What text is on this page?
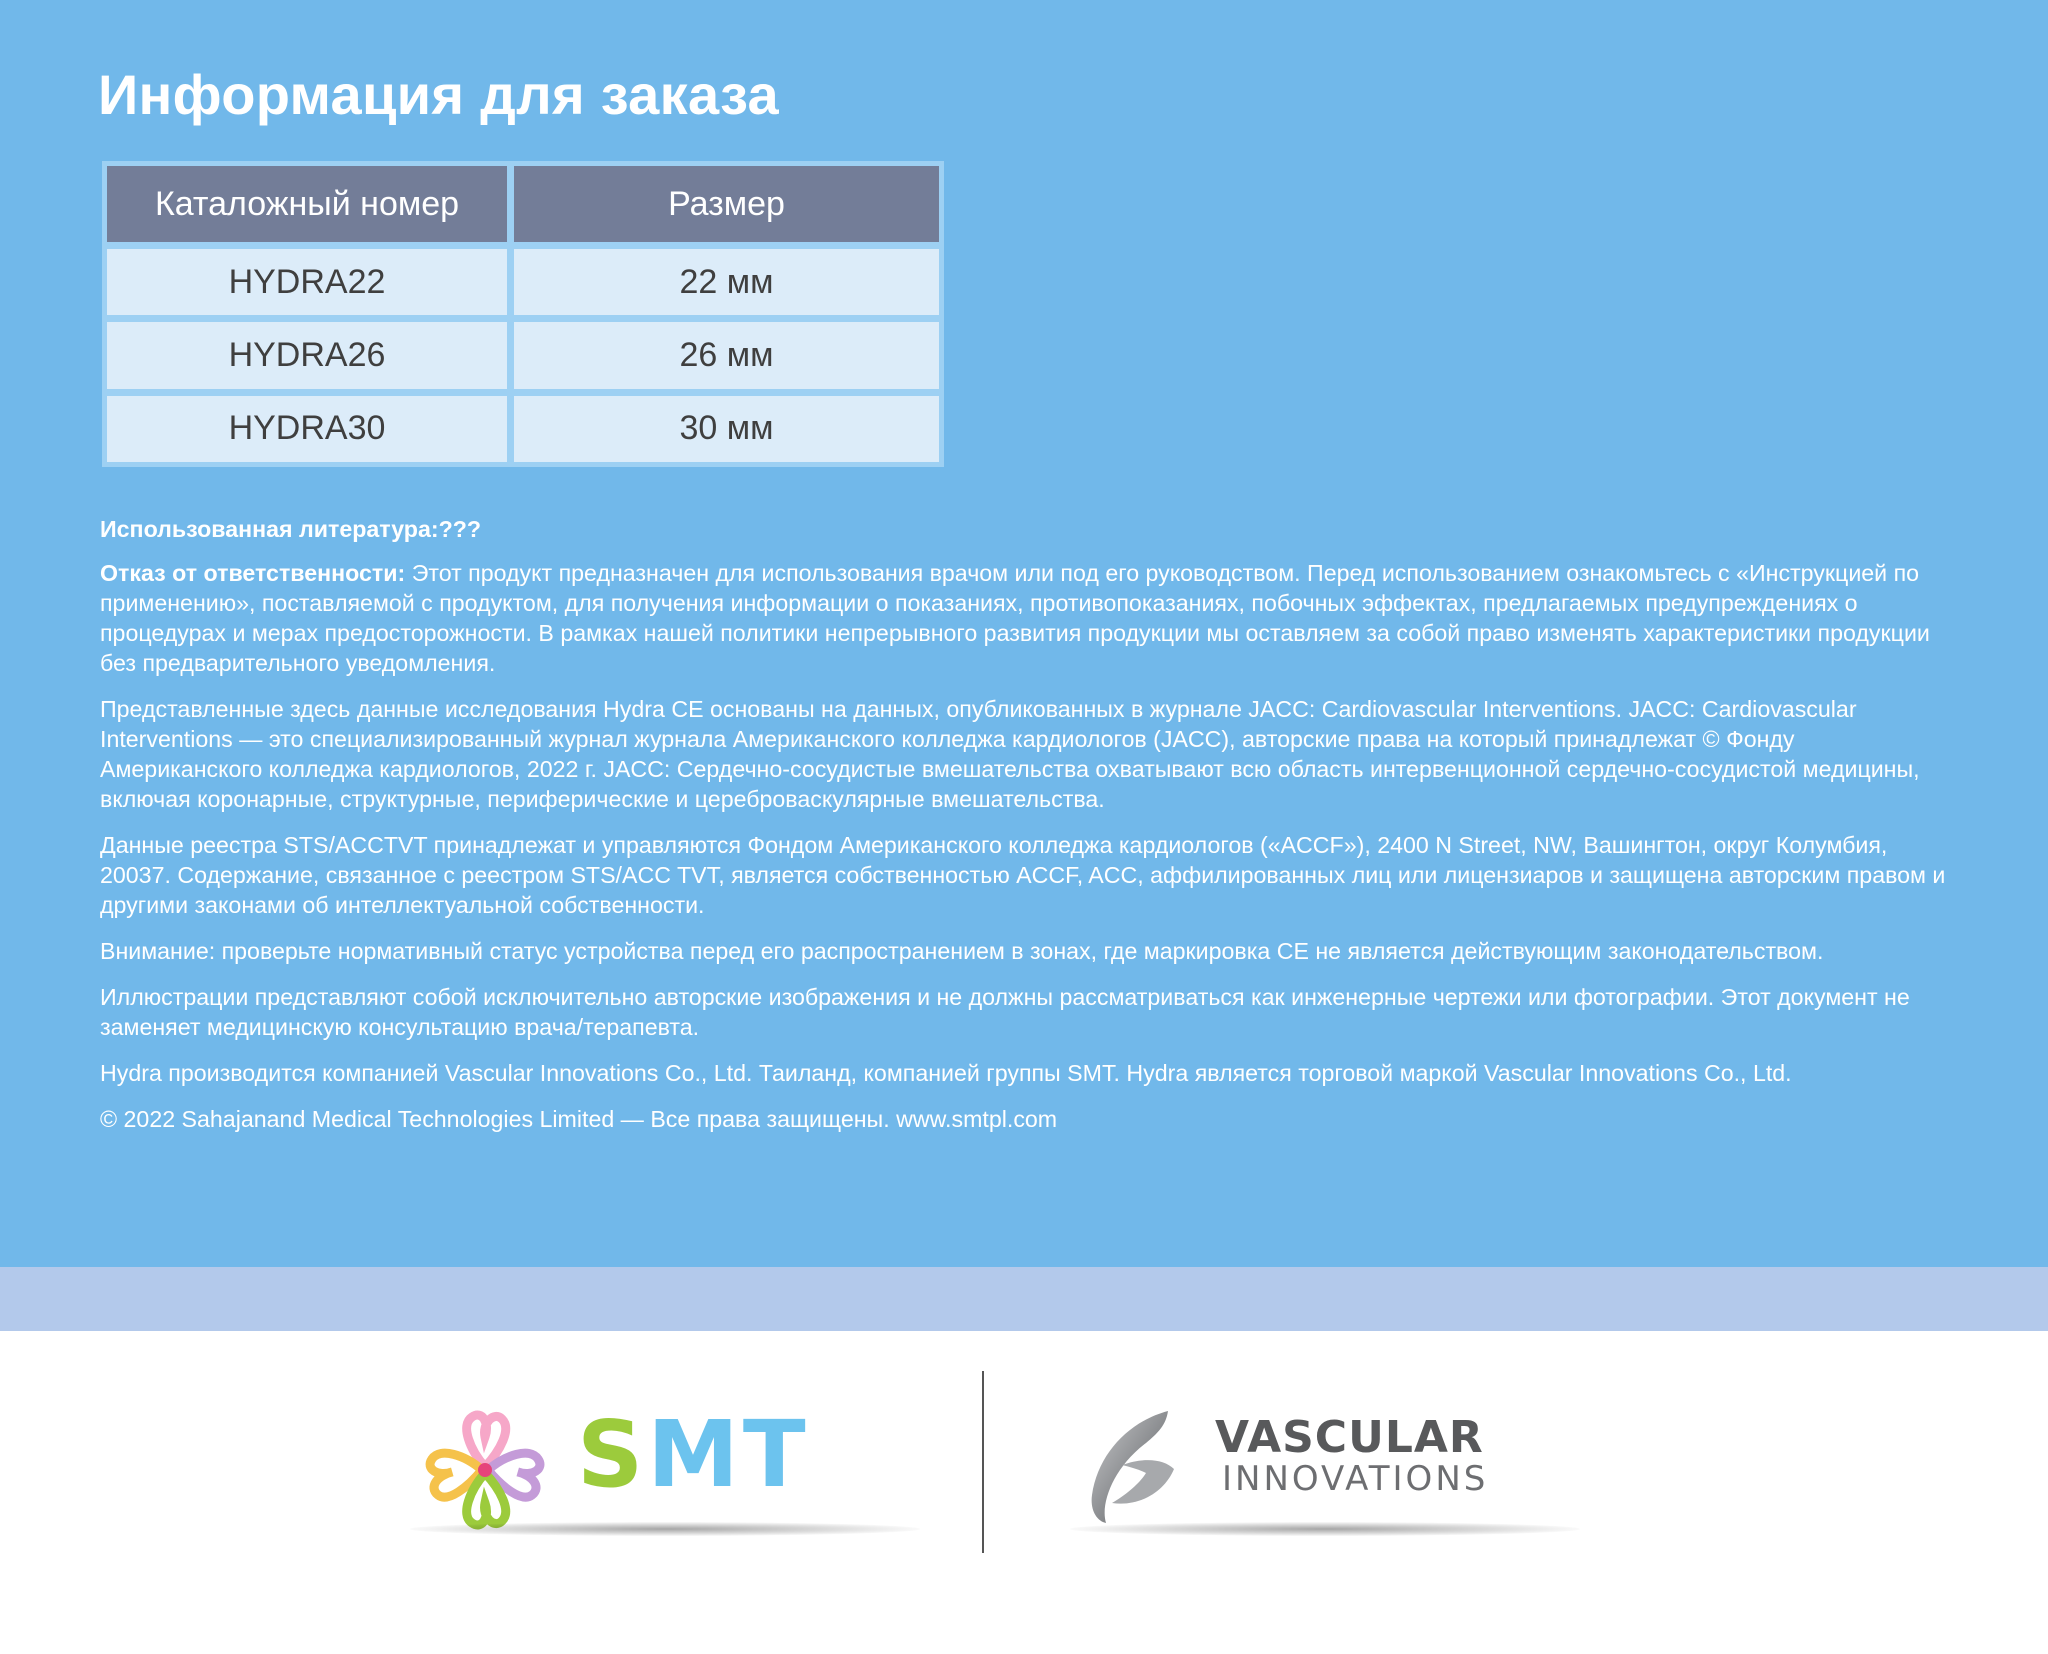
Информация для заказа
Каталожный номер	Размер
HYDRA22	22 мм
HYDRA26	26 мм
HYDRA30	30 мм

Использованная литература:???

Отказ от ответственности: Этот продукт предназначен для использования врачом или под его руководством. Перед использованием ознакомьтесь с «Инструкцией по применению», поставляемой с продуктом, для получения информации о показаниях, противопоказаниях, побочных эффектах, предлагаемых предупреждениях о процедурах и мерах предосторожности. В рамках нашей политики непрерывного развития продукции мы оставляем за собой право изменять характеристики продукции без предварительного уведомления.

Представленные здесь данные исследования Hydra CE основаны на данных, опубликованных в журнале JACC: Cardiovascular Interventions. JACC: Cardiovascular Interventions — это специализированный журнал журнала Американского колледжа кардиологов (JACC), авторские права на который принадлежат © Фонду Американского колледжа кардиологов, 2022 г. JACC: Сердечно-сосудистые вмешательства охватывают всю область интервенционной сердечно-сосудистой медицины, включая коронарные, структурные, периферические и цереброваскулярные вмешательства.

Данные реестра STS/ACCTVT принадлежат и управляются Фондом Американского колледжа кардиологов («ACCF»), 2400 N Street, NW, Вашингтон, округ Колумбия, 20037. Содержание, связанное с реестром STS/ACC TVT, является собственностью ACCF, ACC, аффилированных лиц или лицензиаров и защищена авторским правом и другими законами об интеллектуальной собственности.

Внимание: проверьте нормативный статус устройства перед его распространением в зонах, где маркировка CE не является действующим законодательством.

Иллюстрации представляют собой исключительно авторские изображения и не должны рассматриваться как инженерные чертежи или фотографии. Этот документ не заменяет медицинскую консультацию врача/терапевта.

Hydra производится компанией Vascular Innovations Co., Ltd. Таиланд, компанией группы SMT. Hydra является торговой маркой Vascular Innovations Co., Ltd.

© 2022 Sahajanand Medical Technologies Limited — Все права защищены. www.smtpl.com

SMT	VASCULAR
INNOVATIONS
